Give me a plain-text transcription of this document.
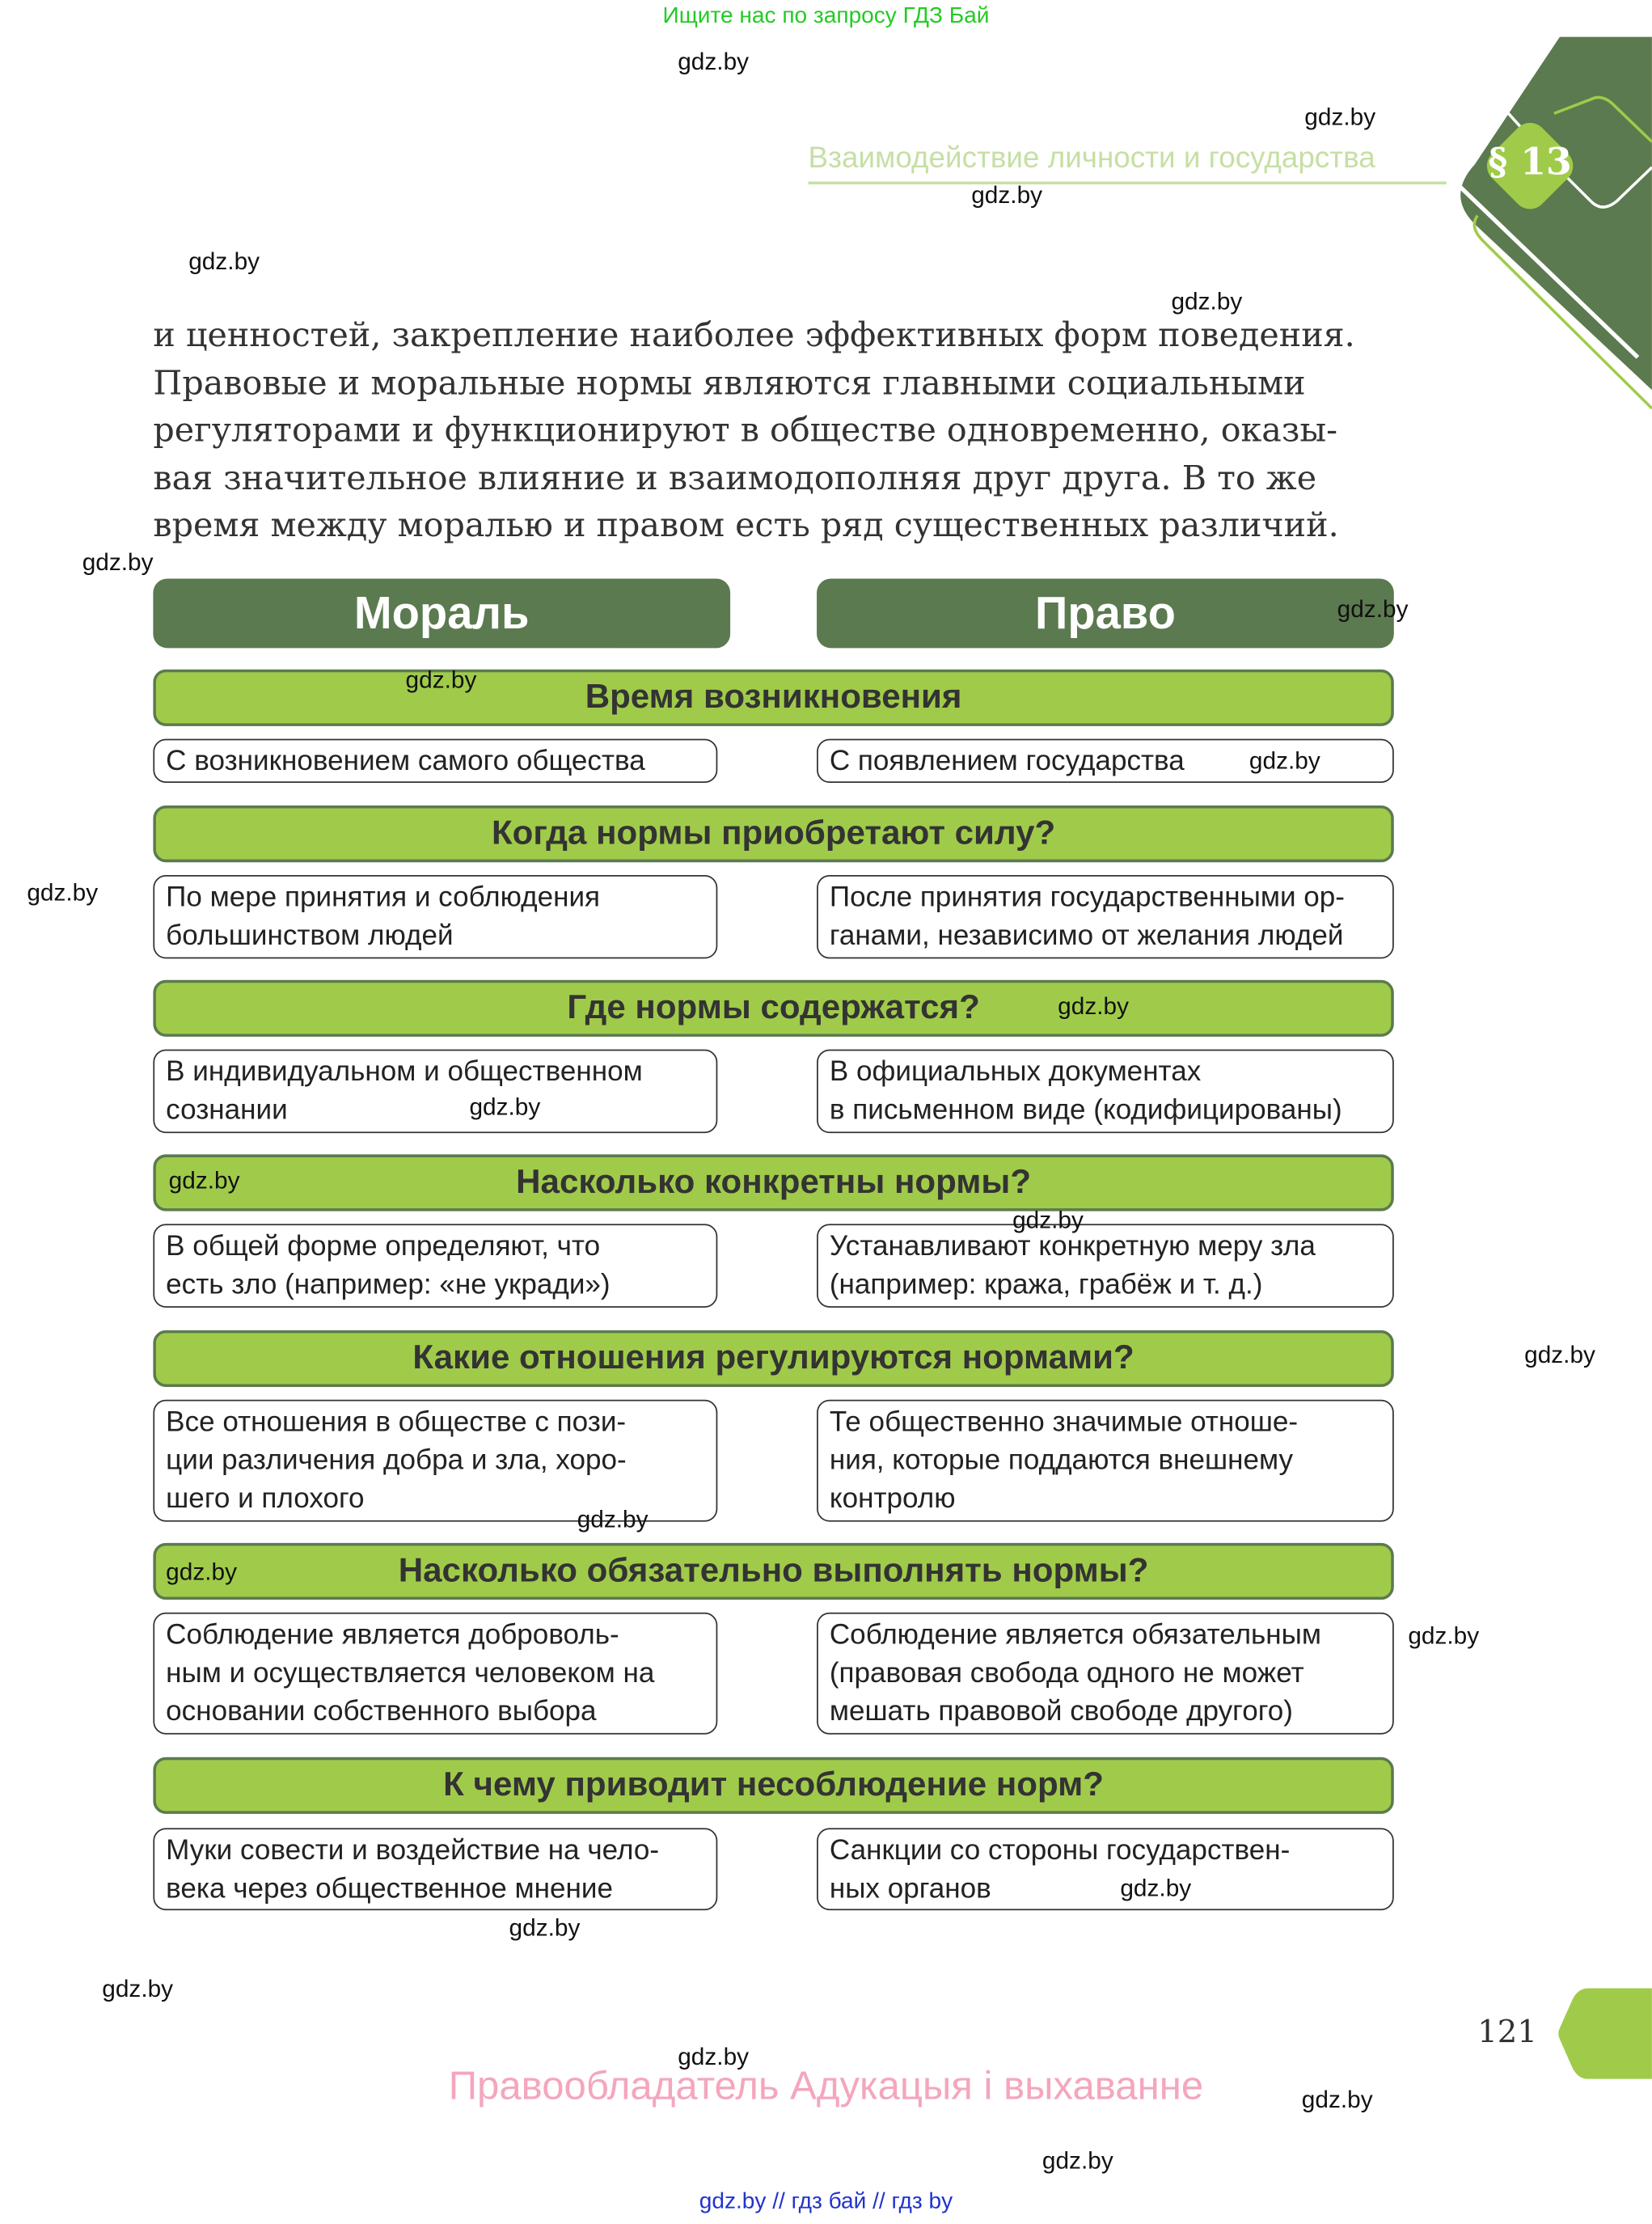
Ищите нас по запросу ГДЗ Бай
§ 13
Взаимодействие личности и государства
и ценностей, закрепление наиболее эффективных форм поведения.
Правовые и моральные нормы являются главными социальными
регуляторами и функционируют в обществе одновременно, оказы-
вая значительное влияние и взаимодополняя друг друга. В то же
время между моралью и правом есть ряд существенных различий.
Мораль	Право
Время возникновения
С возникновением самого общества	С появлением государства
Когда нормы приобретают силу?
По мере принятия и соблюдения
большинством людей
После принятия государственными ор-
ганами, независимо от желания людей
Где нормы содержатся?
В индивидуальном и общественном
сознании
В официальных документах
в письменном виде (кодифицированы)
Насколько конкретны нормы?
В общей форме определяют, что
есть зло (например: «не укради»)
Устанавливают конкретную меру зла
(например: кража, грабёж и т. д.)
Какие отношения регулируются нормами?
Все отношения в обществе с пози-
ции различения добра и зла, хоро-
шего и плохого
Те общественно значимые отноше-
ния, которые поддаются внешнему
контролю
Насколько обязательно выполнять нормы?
Соблюдение является доброволь-
ным и осуществляется человеком на
основании собственного выбора
Соблюдение является обязательным
(правовая свобода одного не может
мешать правовой свободе другого)
К чему приводит несоблюдение норм?
Муки совести и воздействие на чело-
века через общественное мнение
Санкции со стороны государствен-
ных органов
121
Правообладатель Адукацыя і выхаванне
gdz.by // гдз бай // гдз by
gdz.by
gdz.by
gdz.by
gdz.by
gdz.by
gdz.by
gdz.by
gdz.by
gdz.by
gdz.by
gdz.by
gdz.by
gdz.by
gdz.by
gdz.by
gdz.by
gdz.by
gdz.by
gdz.by
gdz.by
gdz.by
gdz.by
gdz.by
gdz.by
